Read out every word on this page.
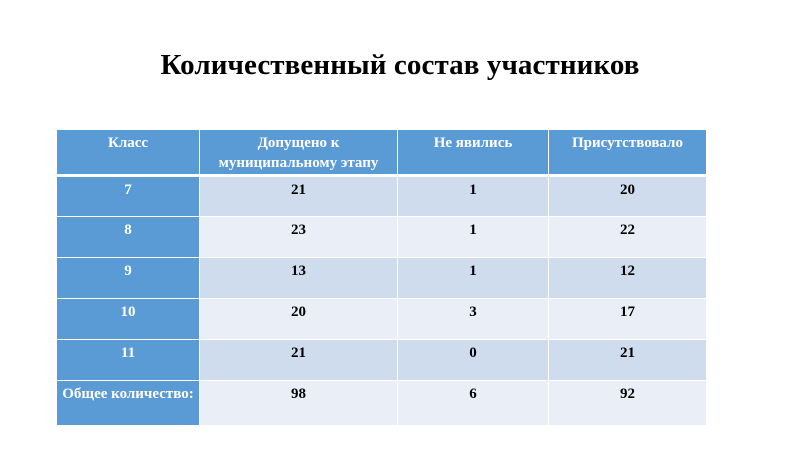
Количественный состав участников
Класс	Допущено к муниципальному этапу	Не явились	Присутствовало
7	21	1	20
8	23	1	22
9	13	1	12
10	20	3	17
11	21	0	21
Общее количество:	98	6	92
